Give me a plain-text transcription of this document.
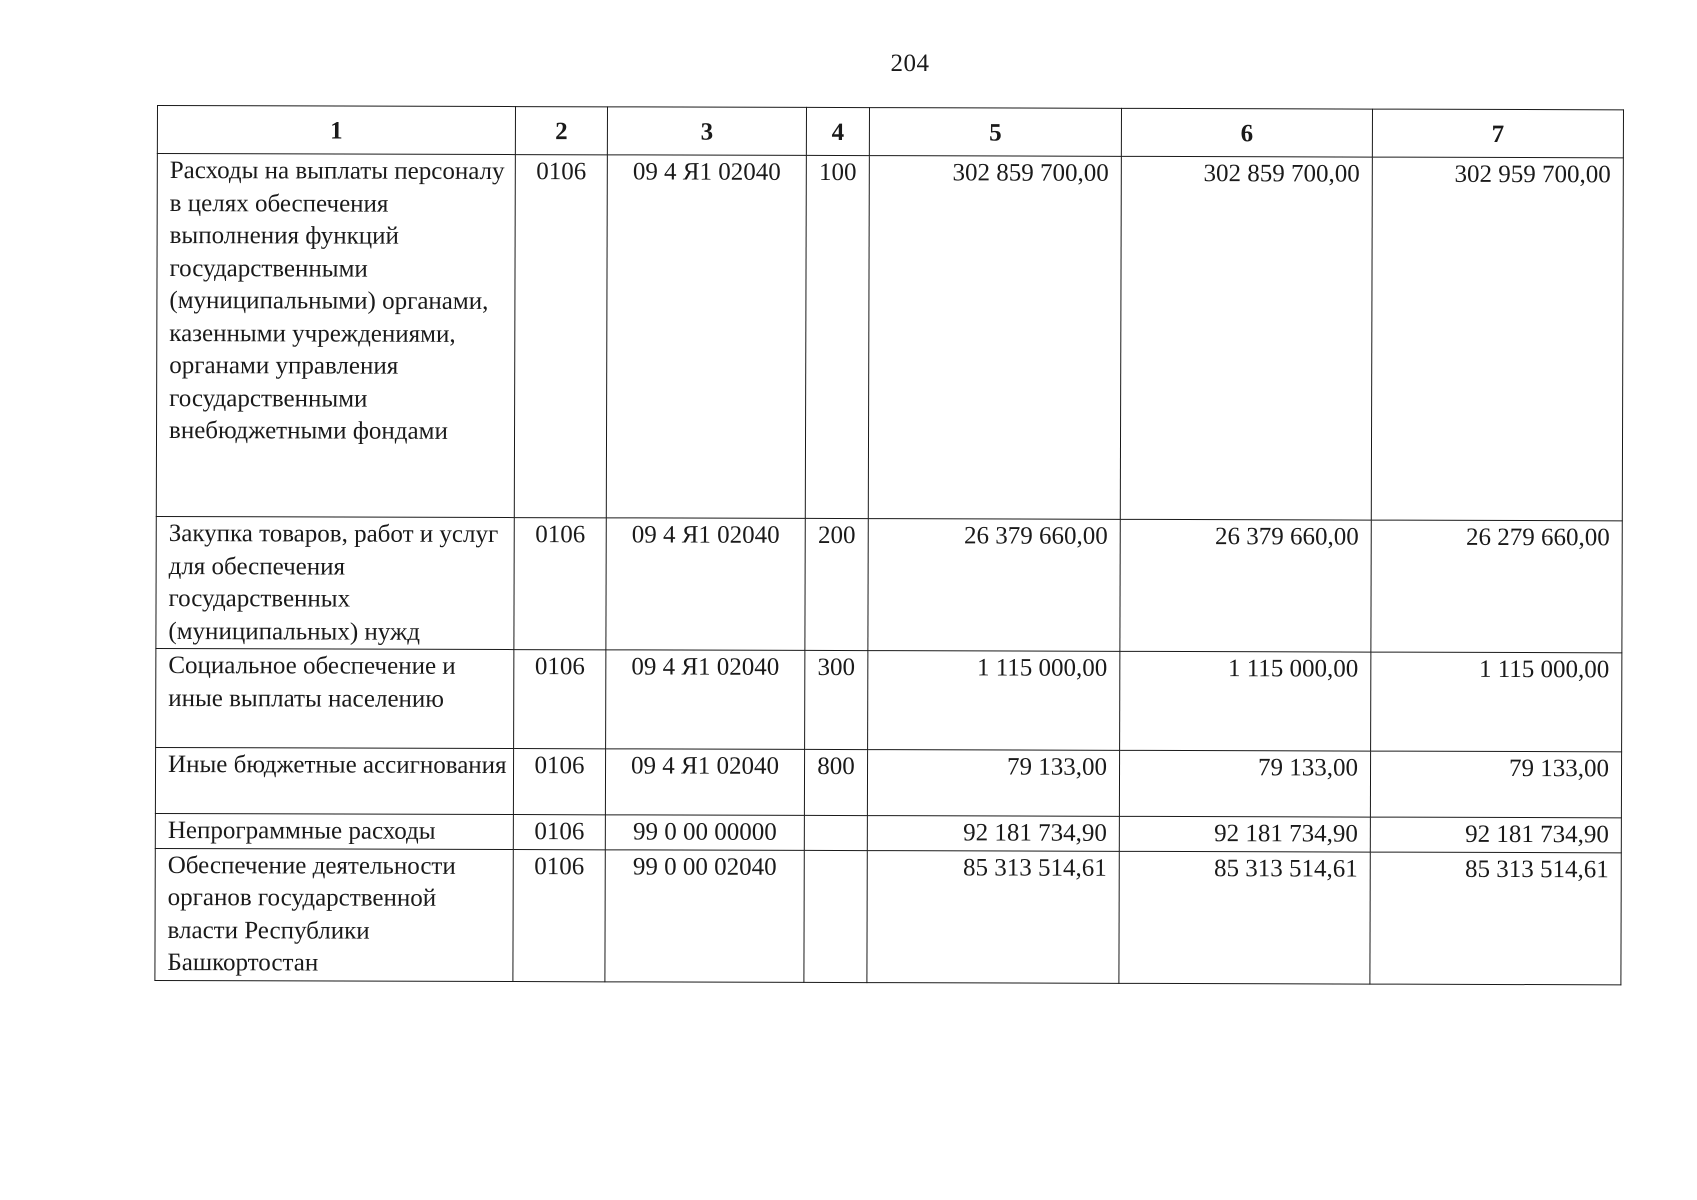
204
1	2	3	4	5	6	7
Расходы на выплаты персоналу в целях обеспечения выполнения функций государственными (муниципальными) органами, казенными учреждениями, органами управления государственными внебюджетными фондами	0106	09 4 Я1 02040	100	302 859 700,00	302 859 700,00	302 959 700,00
Закупка товаров, работ и услуг для обеспечения государственных (муниципальных) нужд	0106	09 4 Я1 02040	200	26 379 660,00	26 379 660,00	26 279 660,00
Социальное обеспечение и иные выплаты населению	0106	09 4 Я1 02040	300	1 115 000,00	1 115 000,00	1 115 000,00
Иные бюджетные ассигнования	0106	09 4 Я1 02040	800	79 133,00	79 133,00	79 133,00
Непрограммные расходы	0106	99 0 00 00000		92 181 734,90	92 181 734,90	92 181 734,90
Обеспечение деятельности органов государственной власти Республики Башкортостан	0106	99 0 00 02040		85 313 514,61	85 313 514,61	85 313 514,61
